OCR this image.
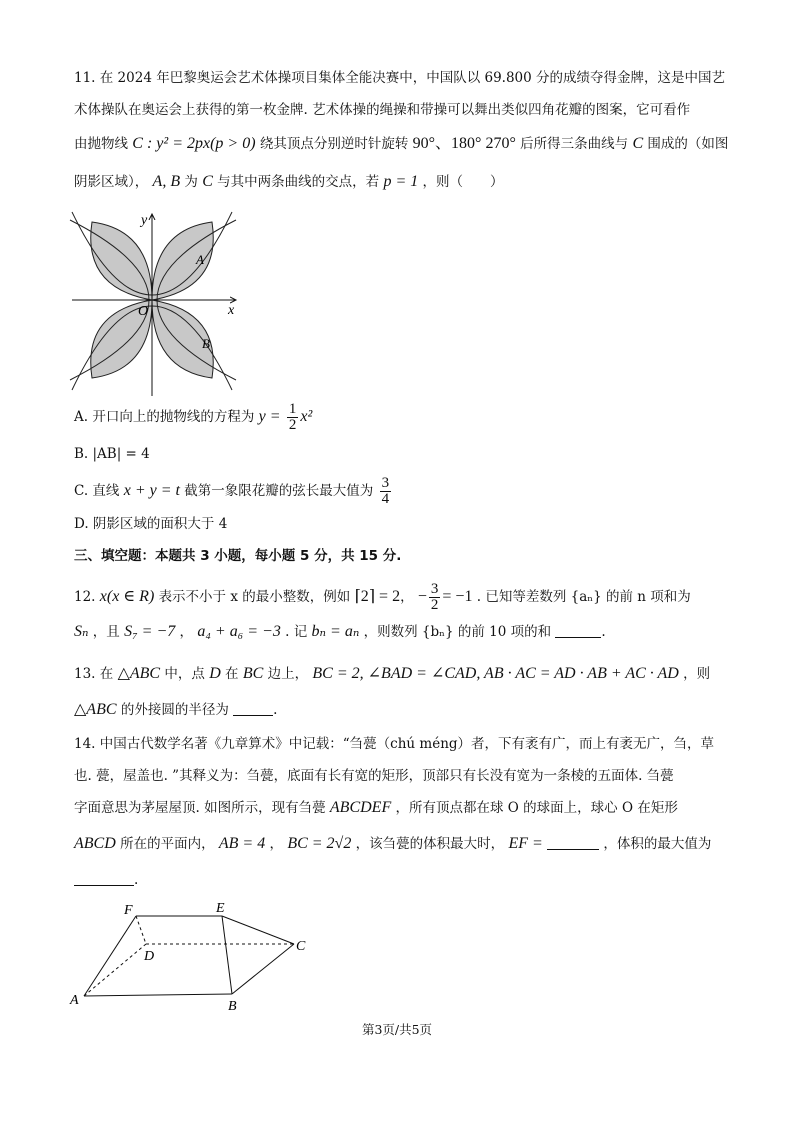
11. 在 2024 年巴黎奥运会艺术体操项目集体全能决赛中，中国队以 69.800 分的成绩夺得金牌，这是中国艺
术体操队在奥运会上获得的第一枚金牌. 艺术体操的绳操和带操可以舞出类似四角花瓣的图案，它可看作
由抛物线 C : y² = 2px(p > 0) 绕其顶点分别逆时针旋转 90°、180° 270° 后所得三条曲线与 C 围成的（如图
阴影区域）， A, B 为 C 与其中两条曲线的交点，若 p = 1 ，则（　　）
y
x
O
A
B
A. 开口向上的抛物线的方程为 $y = \frac{1}{2} x^2$
B. |AB| = 4
C. 直线 x + y = t 截第一象限花瓣的弦长最大值为 $\frac{3}{4}$
D. 阴影区域的面积大于 4
三、填空题：本题共 3 小题，每小题 5 分，共 15 分.
12. x(x ∈ R) 表示不小于 x 的最小整数，例如 ⌈2⌉ = 2， − $\frac{3}{2} = -1$ . 已知等差数列 {aₙ} 的前 n 项和为
Sₙ ，且 S₇ = −7 ， a₄ + a₆ = −3 . 记 bₙ = aₙ ，则数列 {bₙ} 的前 10 项的和	.
13. 在 △ABC 中，点 D 在 BC 边上， BC = 2, ∠BAD = ∠CAD, AB · AC = AD · AB + AC · AD ，则
△ABC 的外接圆的半径为	.
14. 中国古代数学名著《九章算术》中记载：“刍甍（chú méng）者，下有袤有广，而上有袤无广，刍，草
也. 甍，屋盖也. ”其释义为：刍甍，底面有长有宽的矩形，顶部只有长没有宽为一条棱的五面体. 刍甍
字面意思为茅屋屋顶. 如图所示，现有刍甍 ABCDEF ，所有顶点都在球 O 的球面上，球心 O 在矩形
ABCD 所在的平面内， AB = 4 ， BC = 2√2 ，该刍甍的体积最大时， EF =	，体积的最大值为
.
A	B
C
D
E
F
第3页/共5页
